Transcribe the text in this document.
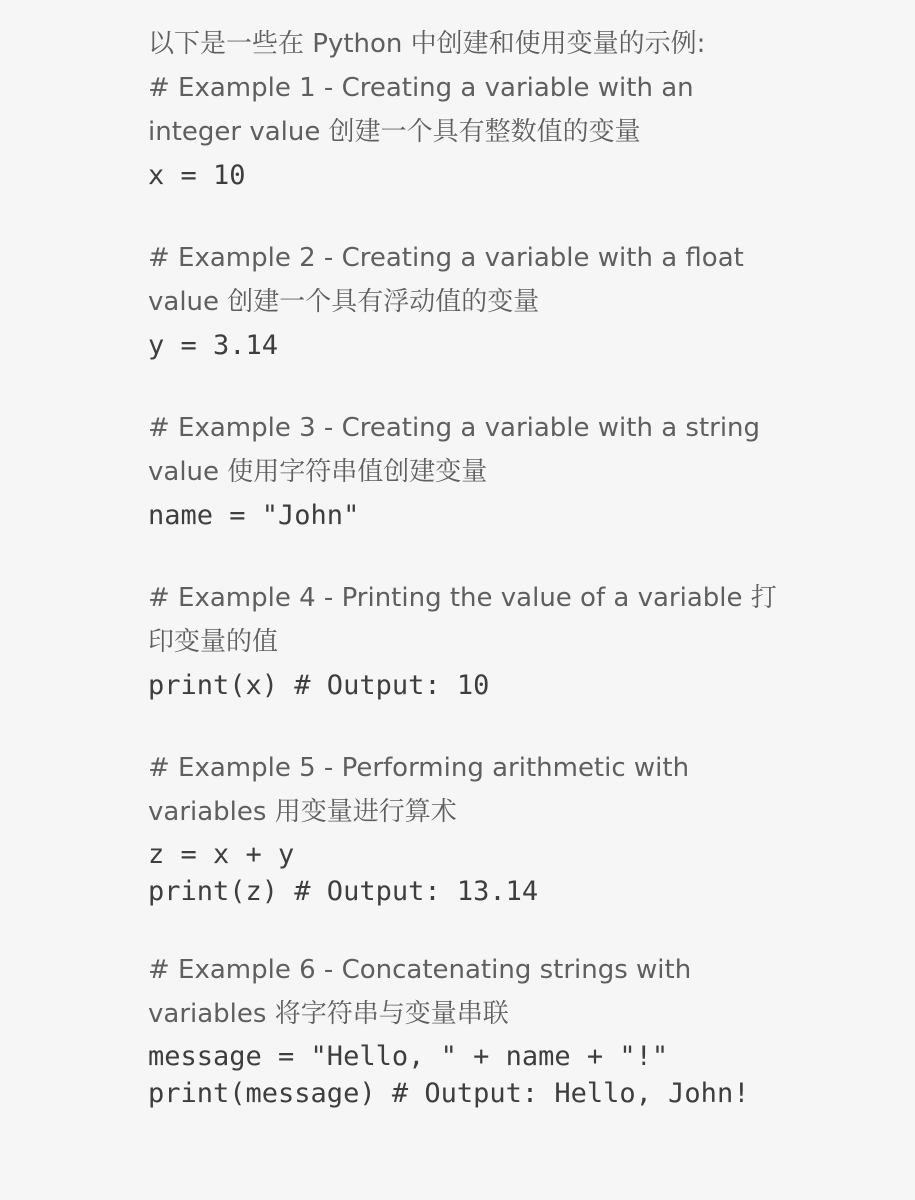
以下是一些在 Python 中创建和使用变量的示例:

# Example 1 - Creating a variable with an integer value 创建一个具有整数值的变量

x = 10

# Example 2 - Creating a variable with a float value 创建一个具有浮动值的变量

y = 3.14

# Example 3 - Creating a variable with a string value 使用字符串值创建变量

name = "John"

# Example 4 - Printing the value of a variable 打印变量的值

print(x) # Output: 10

# Example 5 - Performing arithmetic with variables 用变量进行算术

z = x + y

print(z) # Output: 13.14

# Example 6 - Concatenating strings with variables 将字符串与变量串联

message = "Hello, " + name + "!"

print(message) # Output: Hello, John!
